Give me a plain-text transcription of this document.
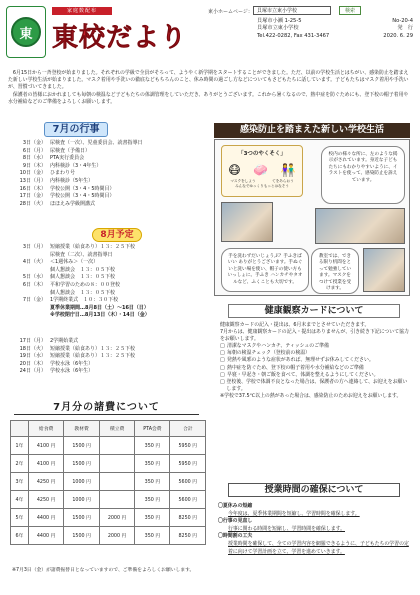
東
家庭数配布
東校だより
東小ホームページ： 貝塚市立東小学校	検索
貝塚市小瀬 1-25-5	No-20-4
貝塚市立東小学校	発　行
Tel.422-0282, Fax 431-3467	2020. 6. 29

　6月15日から一斉登校が始まりました。それぞれの学級で全員がそろって、ようやく新学期をスタートすることができました。ただ、以前の学校生活とはちがい、感染防止を踏まえた新しい学校生活が始まりました。マスク着用や手洗いの徹底などもちろんのこと、休み時間の過ごし方などについてもさどもたちに話しています。子どもたちはマスク着用や手洗いが、習慣づいてきました。

　保護者の皆様におかれましても毎朝の検温など子どもたちの体調管理をしていただき、ありがとうございます。これから暑くなるので、熱中症を防ぐためにも、登下校の帽子着用や水分補給などのご準備をよろしくお願いします。

7月の行事
3日（金） 尿検査（一次）、児童委員会、読書指導日
6日（月） 尿検査（予備日）
8日（水） PTA実行委員会
9日（木） 内科検診（3・4年生）
10日（金） ひまわり号
13日（月） 内科検診（5年生）
16日（木） 学校公開（3・4・5時間目）
17日（金） 学校公開（3・4・5時間目）
28日（火） ほほえみ学級開講式
8月予定
3日（月） 短縮授業（給食あり）１３：２５下校
尿検査（二次）、読書指導日
4日（火） ＜1週休み＞（一次）
個人懇談会　１３：０５下校
5日（水） 個人懇談会　１３：０５下校
6日（木） 平和学習のための８：００登校
個人懇談会　１３：０５下校
7日（金） 1学期終業式　１０：３０下校
夏季休業期間…8月8日（土）～16日（日）
※学校閉庁日…8月13日（木）・14日（金）
17日（月） 2学期始業式
18日（火） 短縮授業（給食あり）１３：２５下校
19日（水） 短縮授業（給食あり）１３：２５下校
20日（木） 学校水泳（6年生）
24日（月） 学校水泳（6年生）
7月分の諸費について
	給食費	教材費	積立費	PTA会費	合計
1年	4100 円	1500 円		350 円	5950 円
2年	4100 円	1500 円		350 円	5950 円
3年	4250 円	1000 円		350 円	5600 円
4年	4250 円	1000 円		350 円	5600 円
5年	4400 円	1500 円	2000 円	350 円	8250 円
6年	4400 円	1500 円	2000 円	350 円	8250 円
※7月3日（金）が諸費振替日となっていますので、ご準備をよろしくお願いします。
感染防止を踏まえた新しい学校生活
「3つのやくそく」
😷 🧼 👫
マスクをしよう	てをあらおう
みんなでゆっくりもっとはなそう
校内の様々な所に、左のような掲示がされています。身近な子どもたちにもわかりやすいように、イラストを使って、感染防止を訴えています。
手を洗わずだいじょうぶ？手ふきばいい ありがとうございます。手ぬぐいと洗い場を使い、帽子の使い方もいっしょに。手ふき ハンカチやタオルなど、ふくことも大切です。
教室では、できる限り机間をとって勉強しています。マスクをつけて授業を受けます。
健康観察カードについて

健康観察カードの記入・提出は、6月末までとさせていただきます。

7月からは、健康観察カードの記入・提出はありませんが、引き続き下記について協力をお願いします。

□ 清潔なマスクやハンカチ、ティッシュのご準備
□ 毎朝の検温チェック（登校前の検温）
□ 発熱や風邪のような症状があれば、無理せずお休みしてください。
□ 熱中症を防ぐため、登下校の帽子着用や水分補給などのご準備
□ 早寝・早起き・朝ご飯を食べて、体調を整えるようにしてください。
□ 登校後、学校で体調不良となった場合は、保護者の方へ連絡して、お迎えをお願いします。

※学校で37.5℃以上の熱があった場合は、感染防止のためお迎えをお願いします。

授業時間の確保について
〇夏休みの短縮
今年度は、夏季休業期間を短縮し、学習時間を確保します。
〇行事の見直し
行事に関わる時間を短縮し、学習時間を確保します。
〇時間割の工夫
授業時間を確保して、全ての学習内容を網羅できるように、子どもたちの学習の定着に向けて学習計画を立て、学習を進めていきます。
